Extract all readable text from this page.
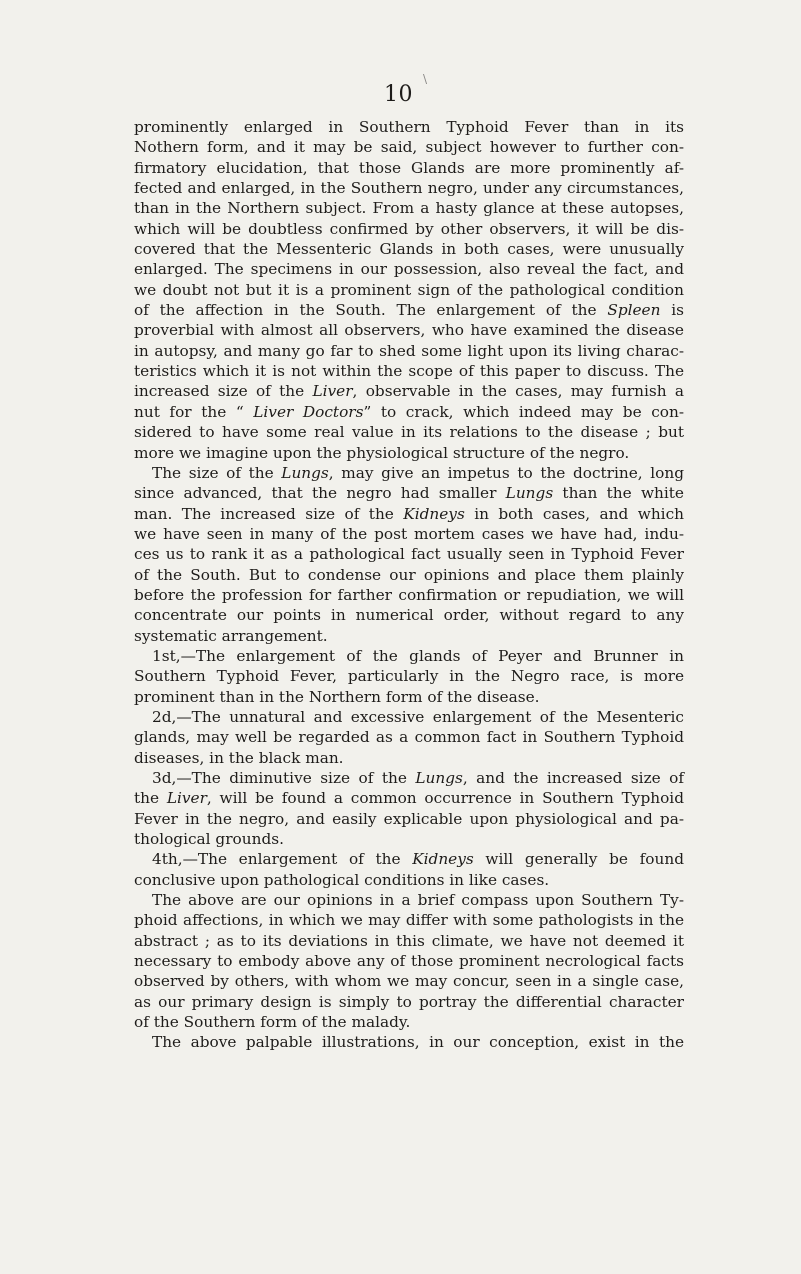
\
10
prominently enlarged in Southern Typhoid Fever than in its
Nothern form, and it may be said, subject however to further con-
firmatory elucidation, that those Glands are more prominently af-
fected and enlarged, in the Southern negro, under any circumstances,
than in the Northern subject. From a hasty glance at these autopses,
which will be doubtless confirmed by other observers, it will be dis-
covered that the Messenteric Glands in both cases, were unusually
enlarged. The specimens in our possession, also reveal the fact, and
we doubt not but it is a prominent sign of the pathological condition
of the affection in the South. The enlargement of the Spleen is
proverbial with almost all observers, who have examined the disease
in autopsy, and many go far to shed some light upon its living charac-
teristics which it is not within the scope of this paper to discuss. The
increased size of the Liver, observable in the cases, may furnish a
nut for the “ Liver Doctors” to crack, which indeed may be con-
sidered to have some real value in its relations to the disease ; but
more we imagine upon the physiological structure of the negro.
The size of the Lungs, may give an impetus to the doctrine, long
since advanced, that the negro had smaller Lungs than the white
man. The increased size of the Kidneys in both cases, and which
we have seen in many of the post mortem cases we have had, indu-
ces us to rank it as a pathological fact usually seen in Typhoid Fever
of the South. But to condense our opinions and place them plainly
before the profession for farther confirmation or repudiation, we will
concentrate our points in numerical order, without regard to any
systematic arrangement.
1st,—The enlargement of the glands of Peyer and Brunner in
Southern Typhoid Fever, particularly in the Negro race, is more
prominent than in the Northern form of the disease.
2d,—The unnatural and excessive enlargement of the Mesenteric
glands, may well be regarded as a common fact in Southern Typhoid
diseases, in the black man.
3d,—The diminutive size of the Lungs, and the increased size of
the Liver, will be found a common occurrence in Southern Typhoid
Fever in the negro, and easily explicable upon physiological and pa-
thological grounds.
4th,—The enlargement of the Kidneys will generally be found
conclusive upon pathological conditions in like cases.
The above are our opinions in a brief compass upon Southern Ty-
phoid affections, in which we may differ with some pathologists in the
abstract ; as to its deviations in this climate, we have not deemed it
necessary to embody above any of those prominent necrological facts
observed by others, with whom we may concur, seen in a single case,
as our primary design is simply to portray the differential character
of the Southern form of the malady.
The above palpable illustrations, in our conception, exist in the
